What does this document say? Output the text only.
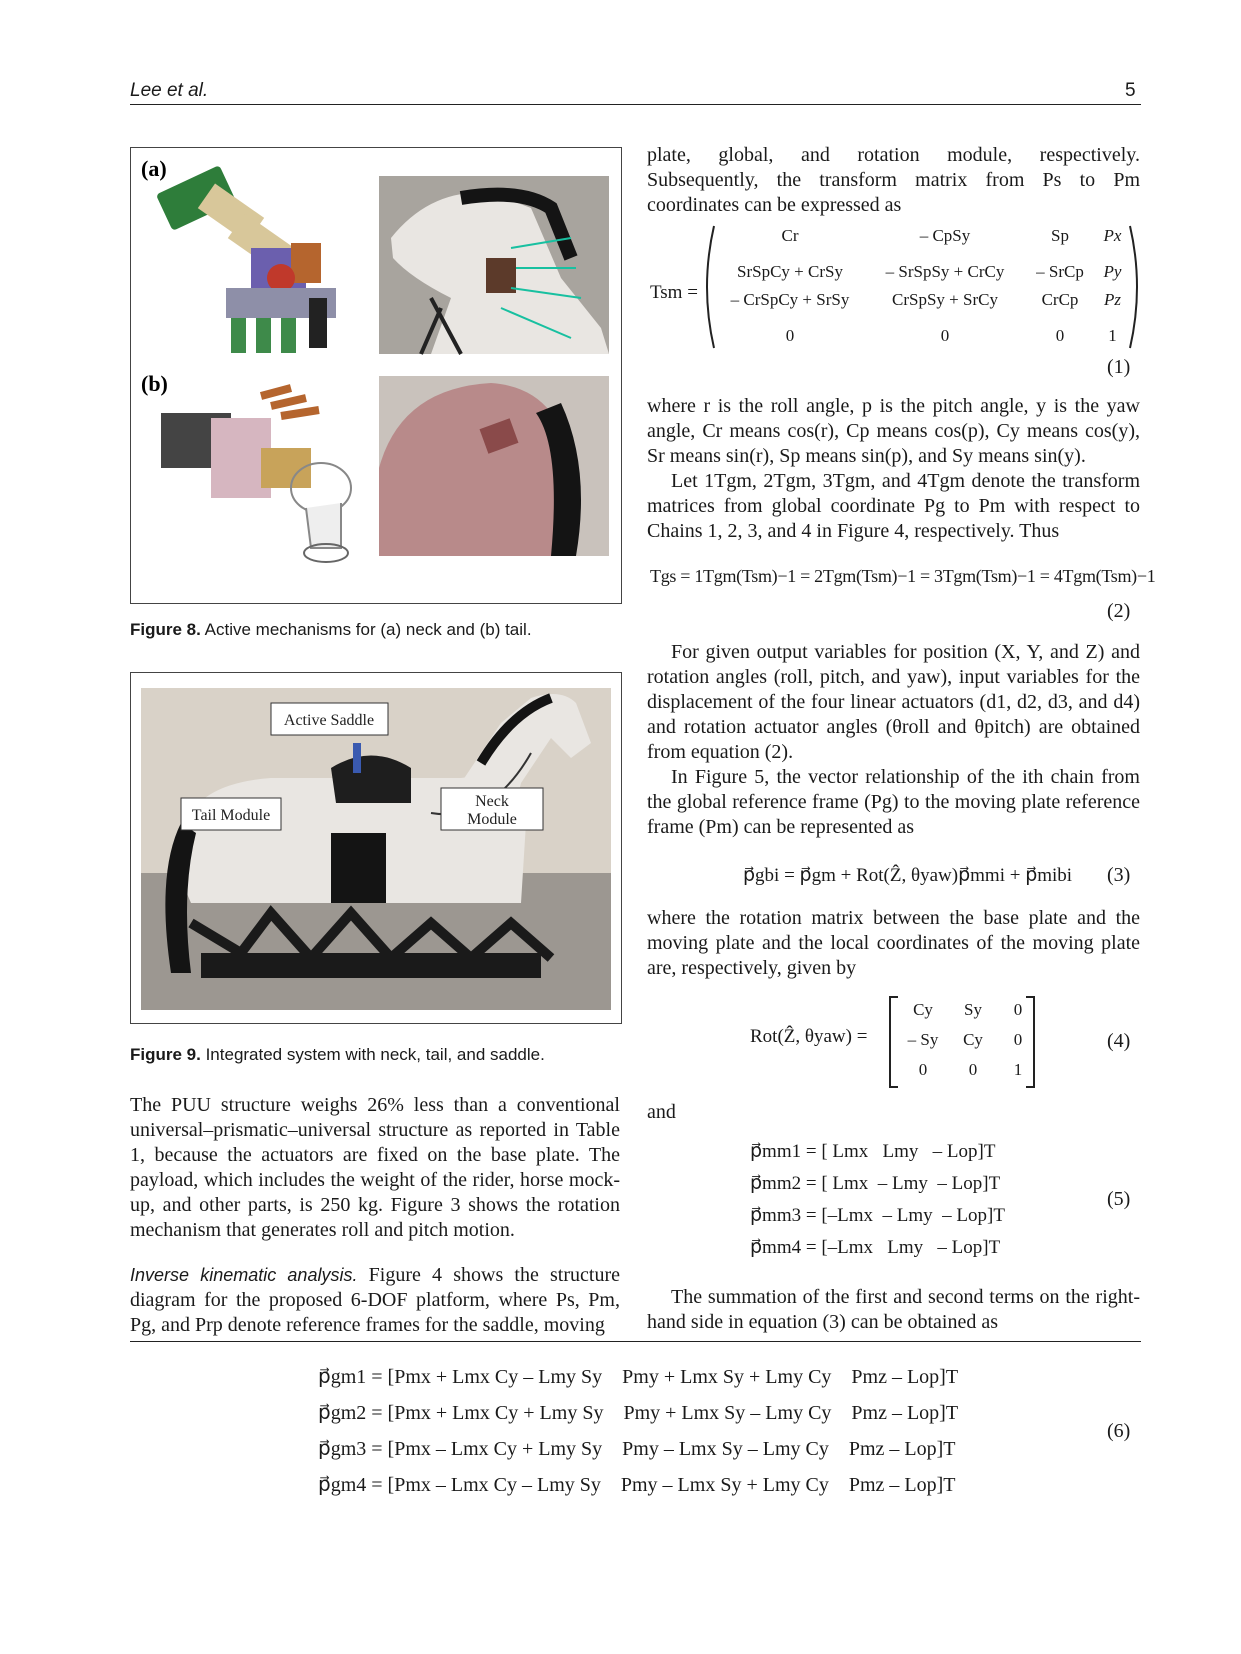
Lee et al.	5
(a)
(b)
Figure 8. Active mechanisms for (a) neck and (b) tail.
Active Saddle
Tail Module
Neck
Module
Figure 9. Integrated system with neck, tail, and saddle.

The PUU structure weighs 26% less than a conventional universal–prismatic–universal structure as reported in Table 1, because the actuators are fixed on the base plate. The payload, which includes the weight of the rider, horse mock-up, and other parts, is 250 kg. Figure 3 shows the rotation mechanism that generates roll and pitch motion.

Inverse kinematic analysis. Figure 4 shows the structure diagram for the proposed 6-DOF platform, where Ps, Pm, Pg, and Prp denote reference frames for the saddle, moving

plate, global, and rotation module, respectively. Subsequently, the transform matrix from Ps to Pm coordinates can be expressed as
Tsm =
Cr	– CpSy	Sp	Px
SrSpCy + CrSy	– SrSpSy + CrCy	– SrCp	Py
– CrSpCy + SrSy	CrSpSy + SrCy	CrCp	Pz
0	0	0	1
(1)

where r is the roll angle, p is the pitch angle, y is the yaw angle, Cr means cos(r), Cp means cos(p), Cy means cos(y), Sr means sin(r), Sp means sin(p), and Sy means sin(y).

Let 1Tgm, 2Tgm, 3Tgm, and 4Tgm denote the transform matrices from global coordinate Pg to Pm with respect to Chains 1, 2, 3, and 4 in Figure 4, respectively. Thus

Tgs = 1Tgm(Tsm)−1 = 2Tgm(Tsm)−1 = 3Tgm(Tsm)−1 = 4Tgm(Tsm)−1
(2)

For given output variables for position (X, Y, and Z) and rotation angles (roll, pitch, and yaw), input variables for the displacement of the four linear actuators (d1, d2, d3, and d4) and rotation actuator angles (θroll and θpitch) are obtained from equation (2).

In Figure 5, the vector relationship of the ith chain from the global reference frame (Pg) to the moving plate reference frame (Pm) can be represented as

p⃗gbi = p⃗gm + Rot(Ẑ, θyaw)p⃗mmi + p⃗mibi (3)
where the rotation matrix between the base plate and the moving plate and the local coordinates of the moving plate are, respectively, given by
Rot(Ẑ, θyaw) =
Cy	Sy	0
– Sy	Cy	0
0	0	1
(4)
and
p⃗mm1 = [ Lmx   Lmy   – Lop]T
p⃗mm2 = [ Lmx  – Lmy  – Lop]T
p⃗mm3 = [–Lmx  – Lmy  – Lop]T
p⃗mm4 = [–Lmx   Lmy   – Lop]T
(5)
The summation of the first and second terms on the right-hand side in equation (3) can be obtained as
p⃗gm1 = [Pmx + Lmx Cy – Lmy Sy    Pmy + Lmx Sy + Lmy Cy    Pmz – Lop]T
p⃗gm2 = [Pmx + Lmx Cy + Lmy Sy    Pmy + Lmx Sy – Lmy Cy    Pmz – Lop]T
p⃗gm3 = [Pmx – Lmx Cy + Lmy Sy    Pmy – Lmx Sy – Lmy Cy    Pmz – Lop]T
p⃗gm4 = [Pmx – Lmx Cy – Lmy Sy    Pmy – Lmx Sy + Lmy Cy    Pmz – Lop]T
(6)
